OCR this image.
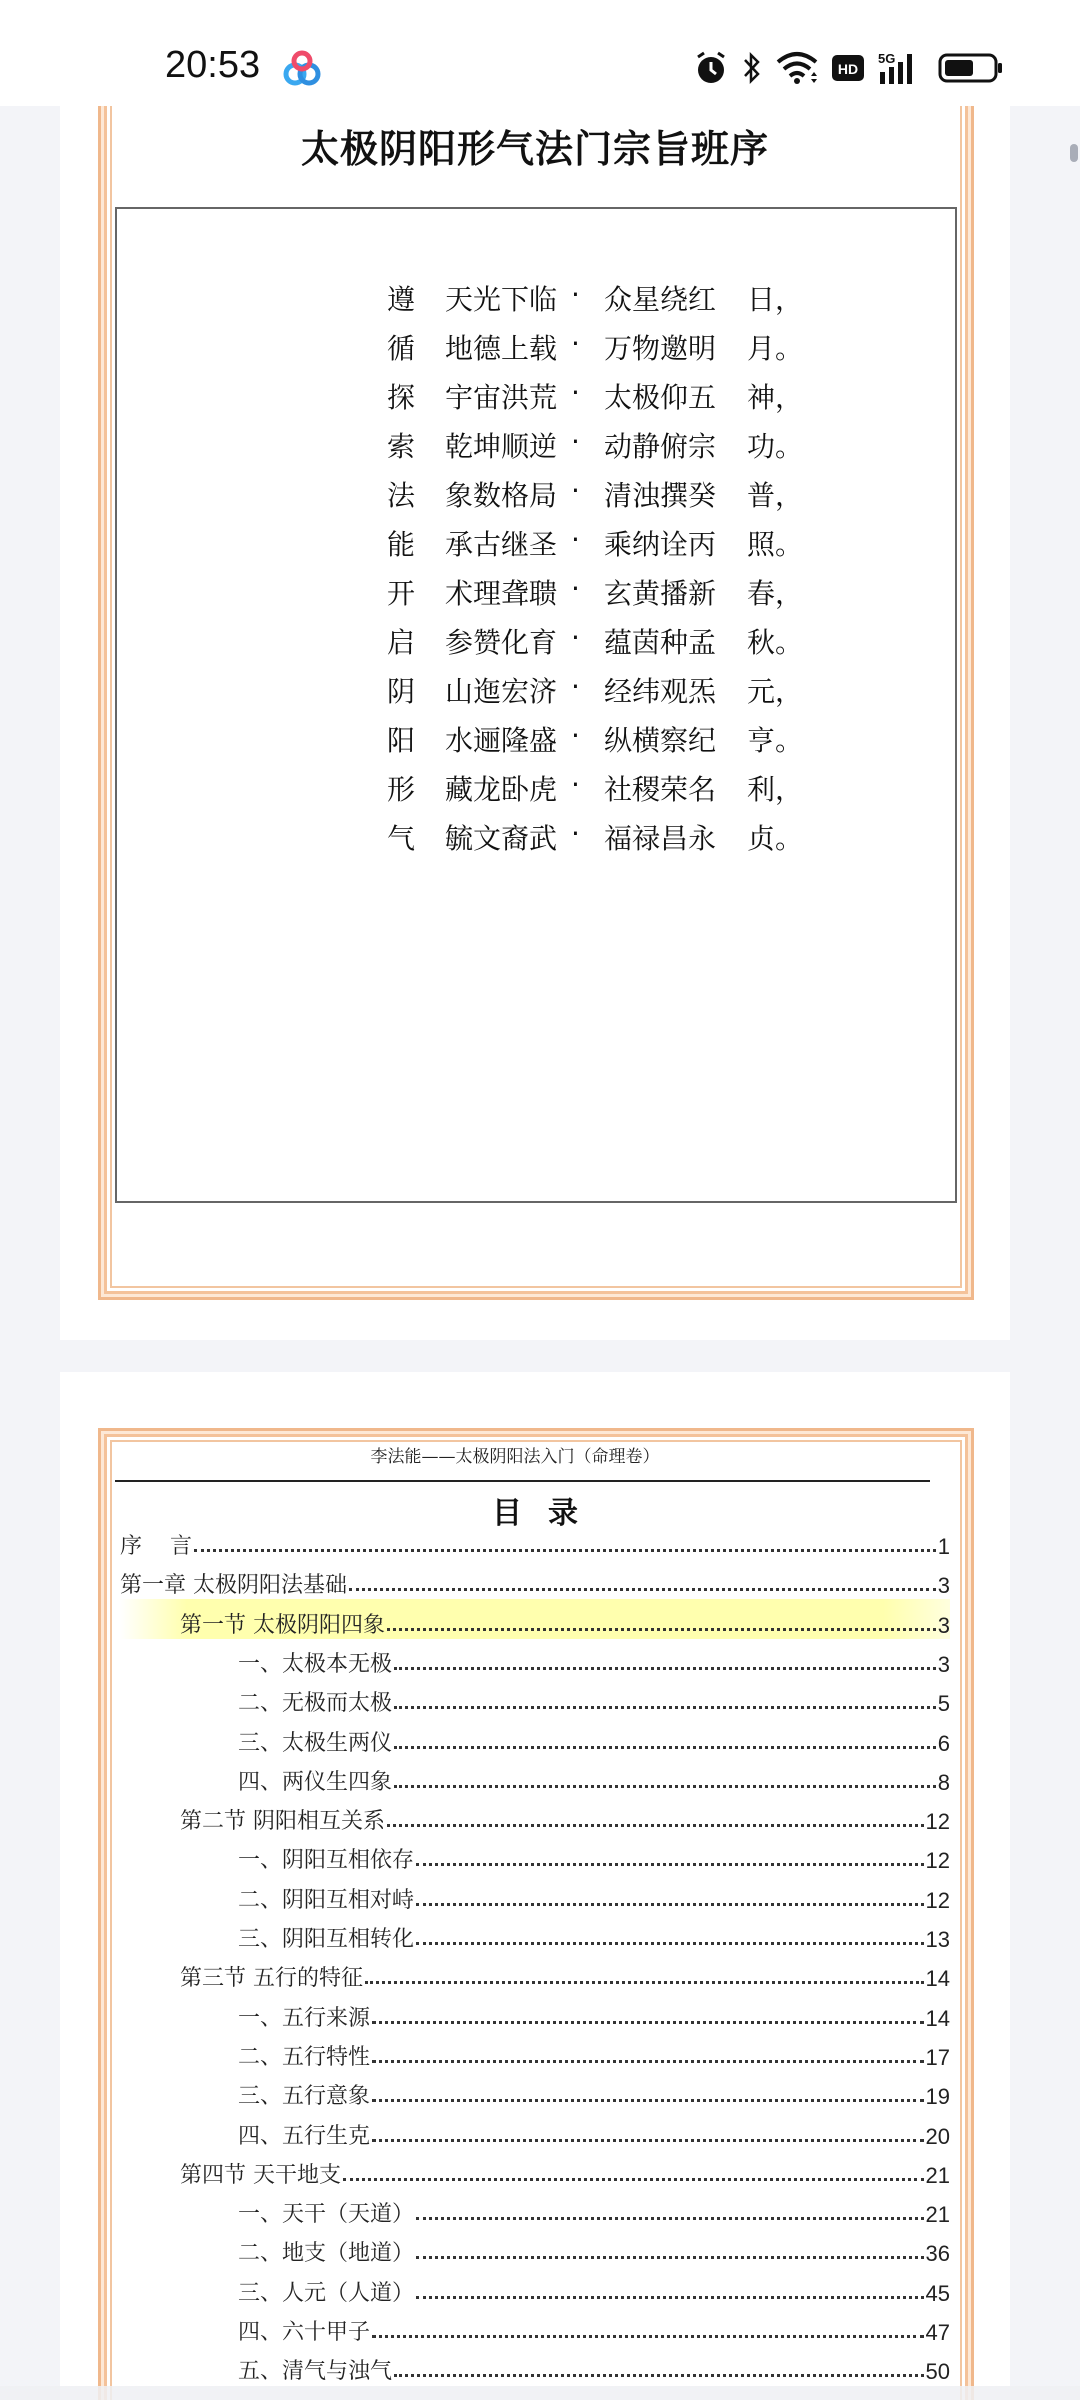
20:53	HD
5G
太极阴阳形气法门宗旨班序
遵 天光下临 · 众星绕红 日，
循 地德上载 · 万物邀明 月。
探 宇宙洪荒 · 太极仰五 神，
索 乾坤顺逆 · 动静俯宗 功。
法 象数格局 · 清浊撰癸 普，
能 承古继圣 · 乘纳诠丙 照。
开 术理聋聩 · 玄黄播新 春，
启 参赞化育 · 蕴茵种孟 秋。
阴 山迤宏济 · 经纬观炁 元，
阳 水逦隆盛 · 纵横察纪 亨。
形 藏龙卧虎 · 社稷荣名 利，
气 毓文裔武 · 福禄昌永 贞。
李法能——太极阴阳法入门（命理卷）
目录
序    言	1
第一章 太极阴阳法基础	3
第一节 太极阴阳四象	3
一、太极本无极	3
二、无极而太极	5
三、太极生两仪	6
四、两仪生四象	8
第二节 阴阳相互关系	12
一、阴阳互相依存	12
二、阴阳互相对峙	12
三、阴阳互相转化	13
第三节 五行的特征	14
一、五行来源	14
二、五行特性	17
三、五行意象	19
四、五行生克	20
第四节 天干地支	21
一、天干（天道）	21
二、地支（地道）	36
三、人元（人道）	45
四、六十甲子	47
五、清气与浊气	50
